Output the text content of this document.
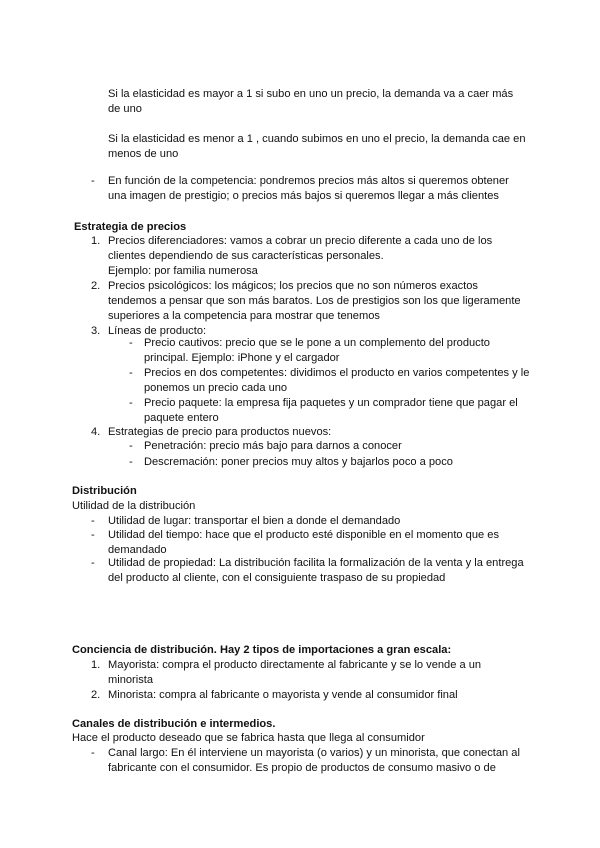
Si la elasticidad es mayor a 1 si subo en uno un precio, la demanda va a caer más de uno

Si la elasticidad es menor a 1 , cuando subimos en uno el precio, la demanda cae en menos de uno

- En función de la competencia: pondremos precios más altos si queremos obtener una imagen de prestigio; o precios más bajos si queremos llegar a más clientes

Estrategia de precios

1. Precios diferenciadores: vamos a cobrar un precio diferente a cada uno de los clientes dependiendo de sus características personales.

Ejemplo: por familia numerosa

2. Precios psicológicos: los mágicos; los precios que no son números exactos tendemos a pensar que son más baratos. Los de prestigios son los que ligeramente superiores a la competencia para mostrar que tenemos

3. Líneas de producto:

- Precio cautivos: precio que se le pone a un complemento del producto principal. Ejemplo: iPhone y el cargador

- Precios en dos competentes: dividimos el producto en varios competentes y le ponemos un precio cada uno

- Precio paquete: la empresa fija paquetes y un comprador tiene que pagar el paquete entero

4. Estrategias de precio para productos nuevos:

- Penetración: precio más bajo para darnos a conocer

- Descremación: poner precios muy altos y bajarlos poco a poco

Distribución

Utilidad de la distribución

- Utilidad de lugar: transportar el bien a donde el demandado

- Utilidad del tiempo: hace que el producto esté disponible en el momento que es demandado

- Utilidad de propiedad: La distribución facilita la formalización de la venta y la entrega del producto al cliente, con el consiguiente traspaso de su propiedad

Conciencia de distribución. Hay 2 tipos de importaciones a gran escala:

1. Mayorista: compra el producto directamente al fabricante y se lo vende a un minorista

2. Minorista: compra al fabricante o mayorista y vende al consumidor final

Canales de distribución e intermedios.

Hace el producto deseado que se fabrica hasta que llega al consumidor

- Canal largo: En él interviene un mayorista (o varios) y un minorista, que conectan al fabricante con el consumidor. Es propio de productos de consumo masivo o de
